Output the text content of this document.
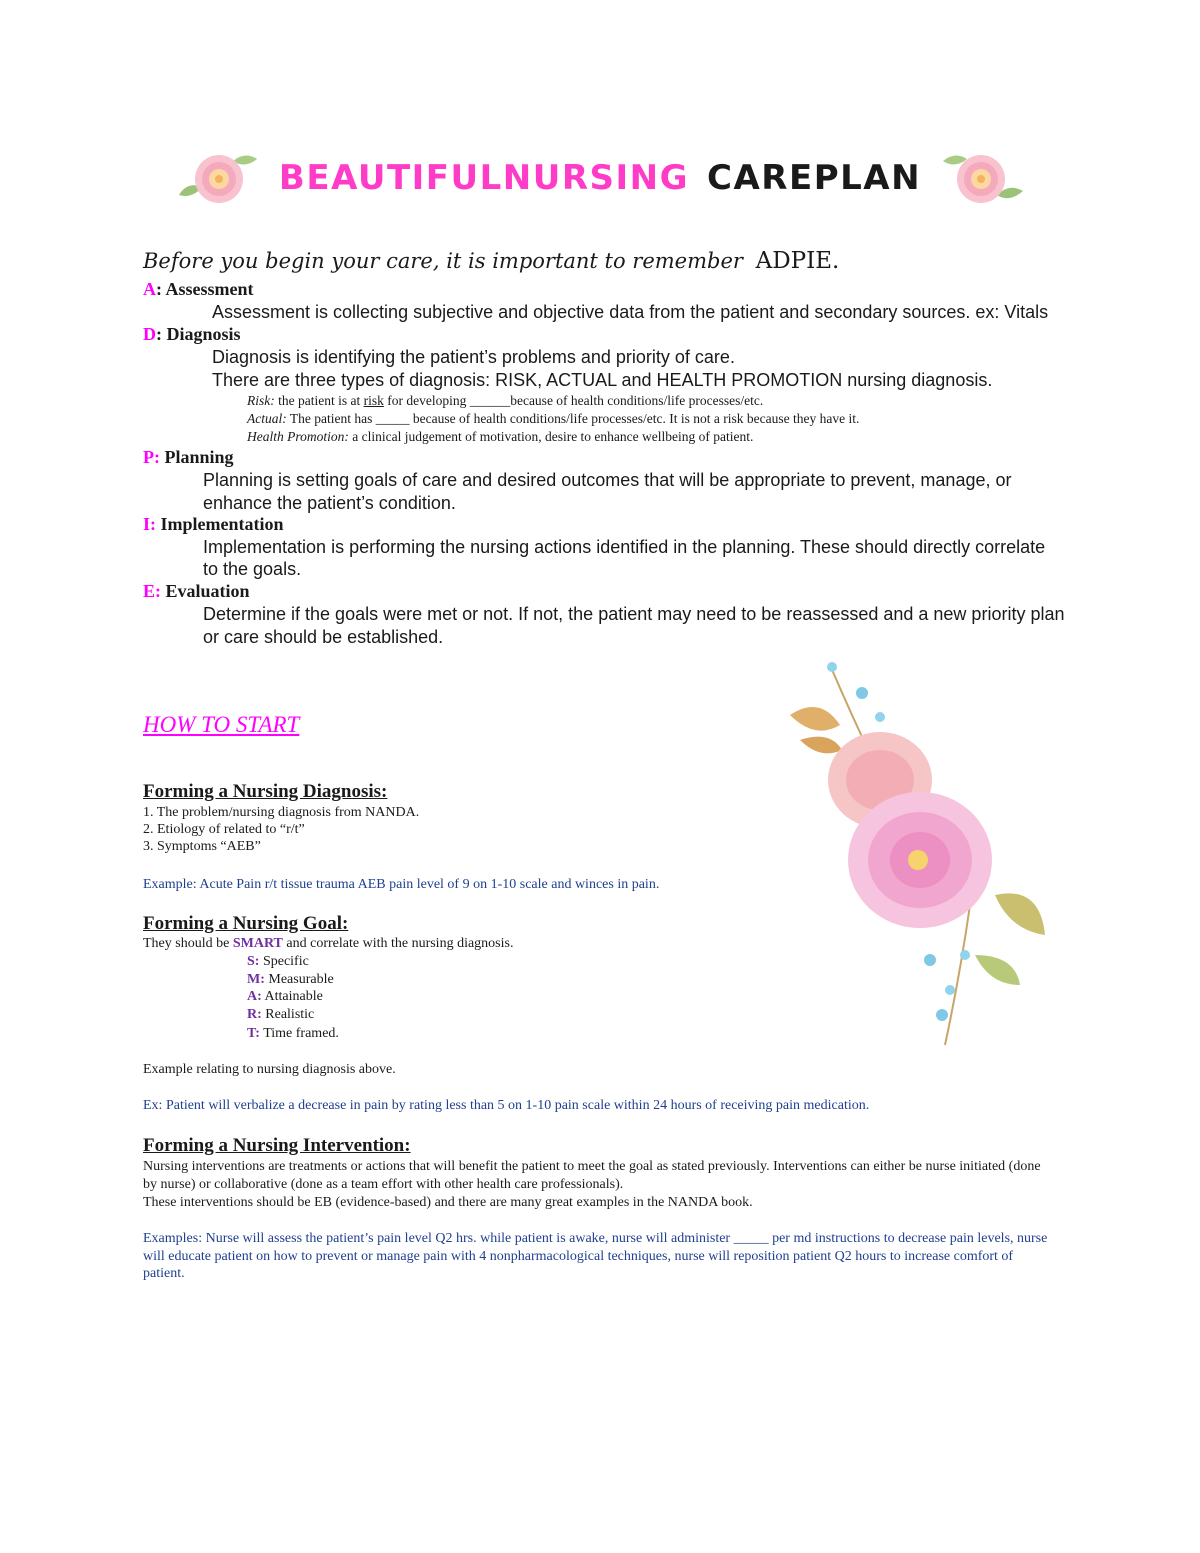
BEAUTIFULNURSING CAREPLAN
Before you begin your care, it is important to remember ADPIE.
A: Assessment
Assessment is collecting subjective and objective data from the patient and secondary sources. ex: Vitals
D: Diagnosis
Diagnosis is identifying the patient’s problems and priority of care.
There are three types of diagnosis: RISK, ACTUAL and HEALTH PROMOTION nursing diagnosis.
Risk: the patient is at risk for developing ______because of health conditions/life processes/etc.
Actual: The patient has _____ because of health conditions/life processes/etc. It is not a risk because they have it.
Health Promotion: a clinical judgement of motivation, desire to enhance wellbeing of patient.
P: Planning
Planning is setting goals of care and desired outcomes that will be appropriate to prevent, manage, or
enhance the patient’s condition.
I: Implementation
Implementation is performing the nursing actions identified in the planning. These should directly correlate
to the goals.
E: Evaluation
Determine if the goals were met or not. If not, the patient may need to be reassessed and a new priority plan
or care should be established.
HOW TO START
Forming a Nursing Diagnosis:
1. The problem/nursing diagnosis from NANDA.
2. Etiology of related to “r/t”
3. Symptoms “AEB”
Example: Acute Pain r/t tissue trauma AEB pain level of 9 on 1-10 scale and winces in pain.
Forming a Nursing Goal:
They should be SMART and correlate with the nursing diagnosis.
S: Specific
M: Measurable
A: Attainable
R: Realistic
T: Time framed.
Example relating to nursing diagnosis above.
Ex: Patient will verbalize a decrease in pain by rating less than 5 on 1-10 pain scale within 24 hours of receiving pain medication.
Forming a Nursing Intervention:
Nursing interventions are treatments or actions that will benefit the patient to meet the goal as stated previously. Interventions can either be nurse initiated (done by nurse) or collaborative (done as a team effort with other health care professionals).
These interventions should be EB (evidence-based) and there are many great examples in the NANDA book.
Examples: Nurse will assess the patient’s pain level Q2 hrs. while patient is awake, nurse will administer _____ per md instructions to decrease pain levels, nurse will educate patient on how to prevent or manage pain with 4 nonpharmacological techniques, nurse will reposition patient Q2 hours to increase comfort of patient.
